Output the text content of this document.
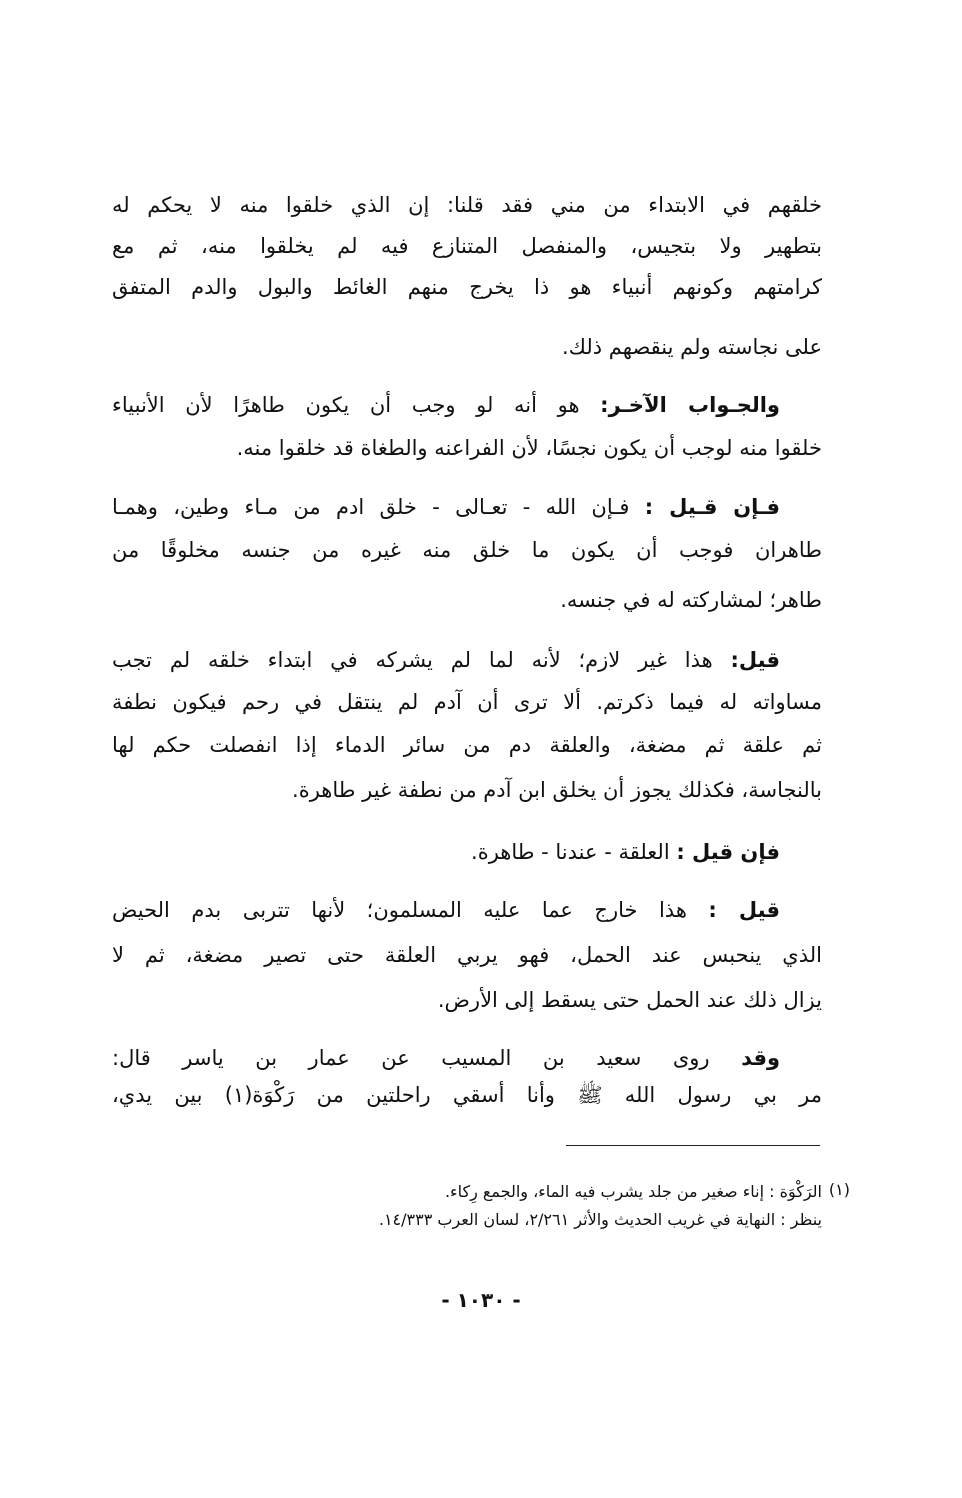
خلقهم في الابتداء من مني فقد قلنا: إن الذي خلقوا منه لا يحكم له
بتطهير ولا بتجيس، والمنفصل المتنازع فيه لم يخلقوا منه، ثم مع
كرامتهم وكونهم أنبياء هو ذا يخرج منهم الغائط والبول والدم المتفق
على نجاسته ولم ينقصهم ذلك.
والجـواب الآخـر: هو أنه لو وجب أن يكون طاهرًا لأن الأنبياء
خلقوا منه لوجب أن يكون نجسًا، لأن الفراعنه والطغاة قد خلقوا منه.
فـإن قـيل : فـإن الله - تعـالى - خلق ادم من مـاء وطين، وهمـا
طاهران فوجب أن يكون ما خلق منه غيره من جنسه مخلوقًا من
طاهر؛ لمشاركته له في جنسه.
قيل: هذا غير لازم؛ لأنه لما لم يشركه في ابتداء خلقه لم تجب
مساواته له فيما ذكرتم. ألا ترى أن آدم لم ينتقل في رحم فيكون نطفة
ثم علقة ثم مضغة، والعلقة دم من سائر الدماء إذا انفصلت حكم لها
بالنجاسة، فكذلك يجوز أن يخلق ابن آدم من نطفة غير طاهرة.
فإن قيل : العلقة - عندنا - طاهرة.
قيل : هذا خارج عما عليه المسلمون؛ لأنها تتربى بدم الحيض
الذي ينحبس عند الحمل، فهو يربي العلقة حتى تصير مضغة، ثم لا
يزال ذلك عند الحمل حتى يسقط إلى الأرض.
وقد روى سعيد بن المسيب عن عمار بن ياسر قال:
مر بي رسول الله ﷺ وأنا أسقي راحلتين من رَكْوَة(١) بين يدي،
(١)
الرَكْوَة : إناء صغير من جلد يشرب فيه الماء، والجمع رِكاء.
ينظر : النهاية في غريب الحديث والأثر ٢/٢٦١، لسان العرب ١٤/٣٣٣.
- ١٠٣٠ -
